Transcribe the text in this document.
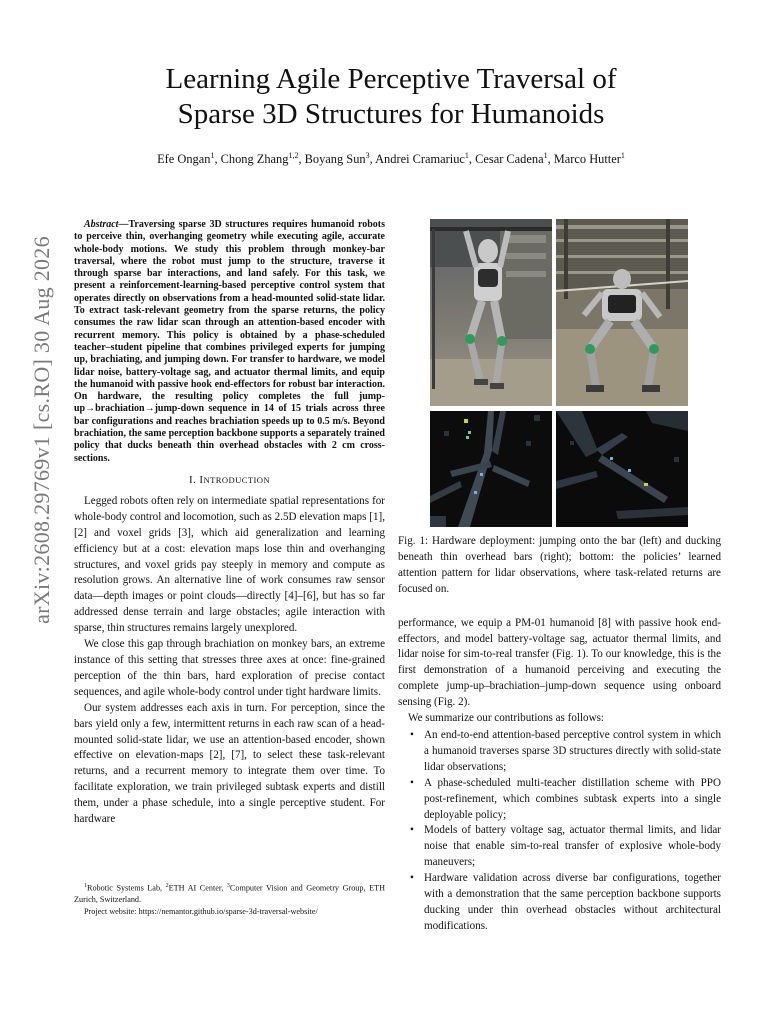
arXiv:2608.29769v1 [cs.RO] 30 Aug 2026
Learning Agile Perceptive Traversal of
Sparse 3D Structures for Humanoids
Efe Ongan$^1$, Chong Zhang$^{1,2}$, Boyang Sun$^3$, Andrei Cramariuc$^1$, Cesar Cadena$^1$, Marco Hutter$^1$

Abstract—Traversing sparse 3D structures requires humanoid robots to perceive thin, overhanging geometry while executing agile, accurate whole-body motions. We study this problem through monkey-bar traversal, where the robot must jump to the structure, traverse it through sparse bar interactions, and land safely. For this task, we present a reinforcement-learning-based perceptive control system that operates directly on observations from a head-mounted solid-state lidar. To extract task-relevant geometry from the sparse returns, the policy consumes the raw lidar scan through an attention-based encoder with recurrent memory. This policy is obtained by a phase-scheduled teacher–student pipeline that combines privileged experts for jumping up, brachiating, and jumping down. For transfer to hardware, we model lidar noise, battery-voltage sag, and actuator thermal limits, and equip the humanoid with passive hook end-effectors for robust bar interaction. On hardware, the resulting policy completes the full jump-up→brachiation→jump-down sequence in 14 of 15 trials across three bar configurations and reaches brachiation speeds up to 0.5 m/s. Beyond brachiation, the same perception backbone supports a separately trained policy that ducks beneath thin overhead obstacles with 2 cm cross-sections.

I. INTRODUCTION

Legged robots often rely on intermediate spatial representations for whole-body control and locomotion, such as 2.5D elevation maps [1], [2] and voxel grids [3], which aid generalization and learning efficiency but at a cost: elevation maps lose thin and overhanging structures, and voxel grids pay steeply in memory and compute as resolution grows. An alternative line of work consumes raw sensor data—depth images or point clouds—directly [4]–[6], but has so far addressed dense terrain and large obstacles; agile interaction with sparse, thin structures remains largely unexplored.

We close this gap through brachiation on monkey bars, an extreme instance of this setting that stresses three axes at once: fine-grained perception of the thin bars, hard exploration of precise contact sequences, and agile whole-body control under tight hardware limits.

Our system addresses each axis in turn. For perception, since the bars yield only a few, intermittent returns in each raw scan of a head-mounted solid-state lidar, we use an attention-based encoder, shown effective on elevation-maps [2], [7], to select these task-relevant returns, and a recurrent memory to integrate them over time. To facilitate exploration, we train privileged subtask experts and distill them, under a phase schedule, into a single perceptive student. For hardware

$^1$Robotic Systems Lab, $^2$ETH AI Center, $^3$Computer Vision and Geometry Group, ETH Zurich, Switzerland.

Project website: https://nemantor.github.io/sparse-3d-traversal-website/

Fig. 1: Hardware deployment: jumping onto the bar (left) and ducking beneath thin overhead bars (right); bottom: the policies’ learned attention pattern for lidar observations, where task-related returns are focused on.

performance, we equip a PM-01 humanoid [8] with passive hook end-effectors, and model battery-voltage sag, actuator thermal limits, and lidar noise for sim-to-real transfer (Fig. 1). To our knowledge, this is the first demonstration of a humanoid perceiving and executing the complete jump-up–brachiation–jump-down sequence using onboard sensing (Fig. 2).

We summarize our contributions as follows:

• An end-to-end attention-based perceptive control system in which a humanoid traverses sparse 3D structures directly with solid-state lidar observations;
• A phase-scheduled multi-teacher distillation scheme with PPO post-refinement, which combines subtask experts into a single deployable policy;
• Models of battery voltage sag, actuator thermal limits, and lidar noise that enable sim-to-real transfer of explosive whole-body maneuvers;
• Hardware validation across diverse bar configurations, together with a demonstration that the same perception backbone supports ducking under thin overhead obstacles without architectural modifications.
